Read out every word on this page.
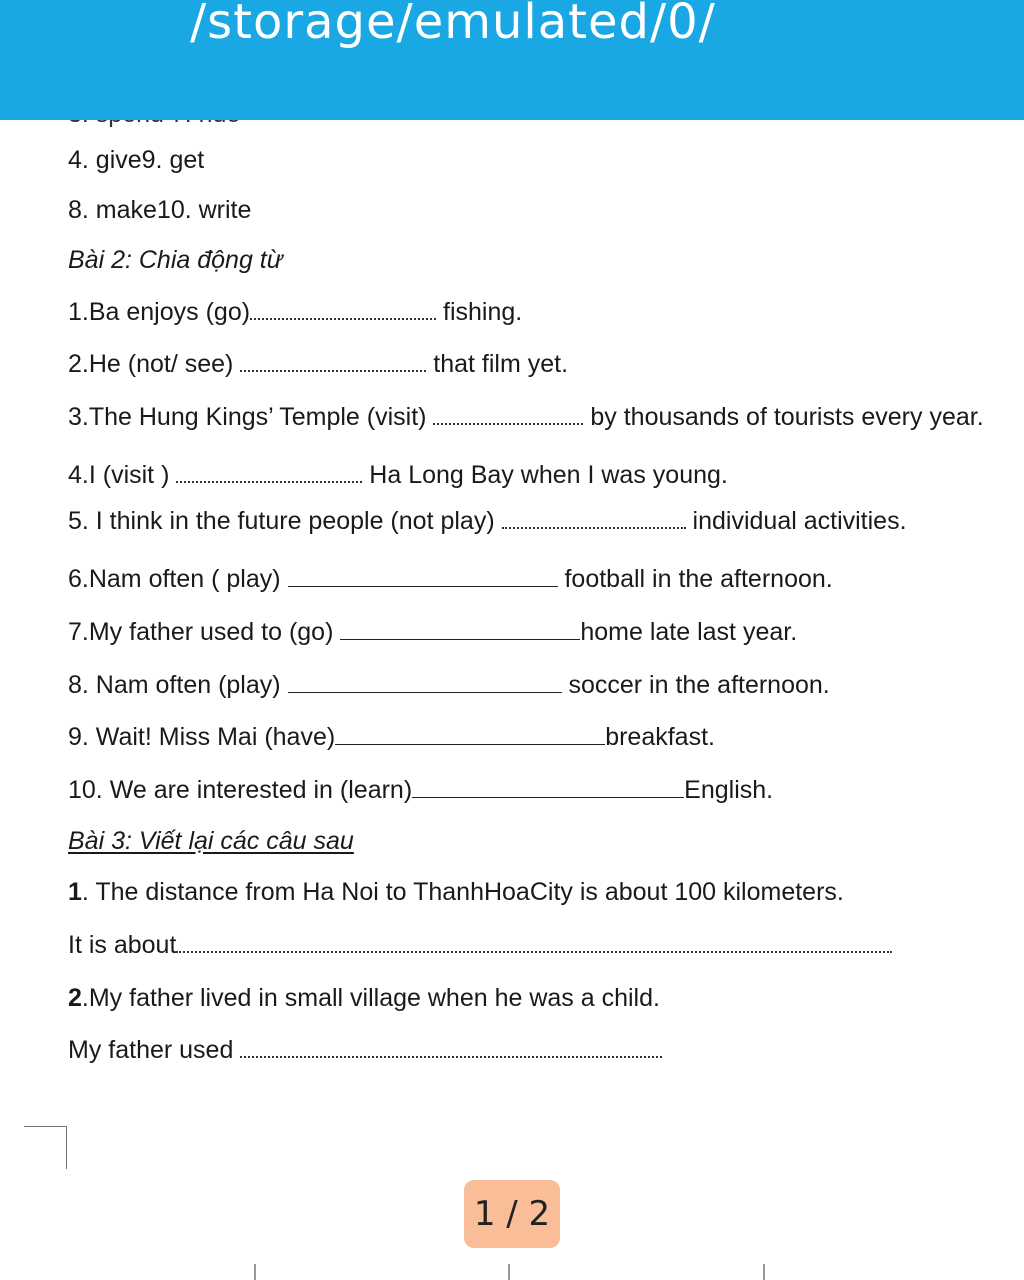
4. give9. get
8. make10. write
Bài 2: Chia động từ
1.Ba enjoys (go)	fishing.
2.He (not/ see)	that film yet.
3.The Hung Kings’ Temple (visit)	by thousands of tourists every year.
4.I (visit )	Ha Long Bay when I was young.
5. I think in the future people (not play)	individual activities.
6.Nam often ( play)	football in the afternoon.
7.My father used to (go)	home late last year.
8. Nam often (play)	soccer in the afternoon.
9. Wait! Miss Mai (have)	breakfast.
10. We are interested in (learn)	English.
Bài 3: Viết lại các câu sau
1. The distance from Ha Noi to ThanhHoaCity is about 100 kilometers.
It is about
2.My father lived in small village when he was a child.
My father used
/storage/emulated/0/
1 / 2
